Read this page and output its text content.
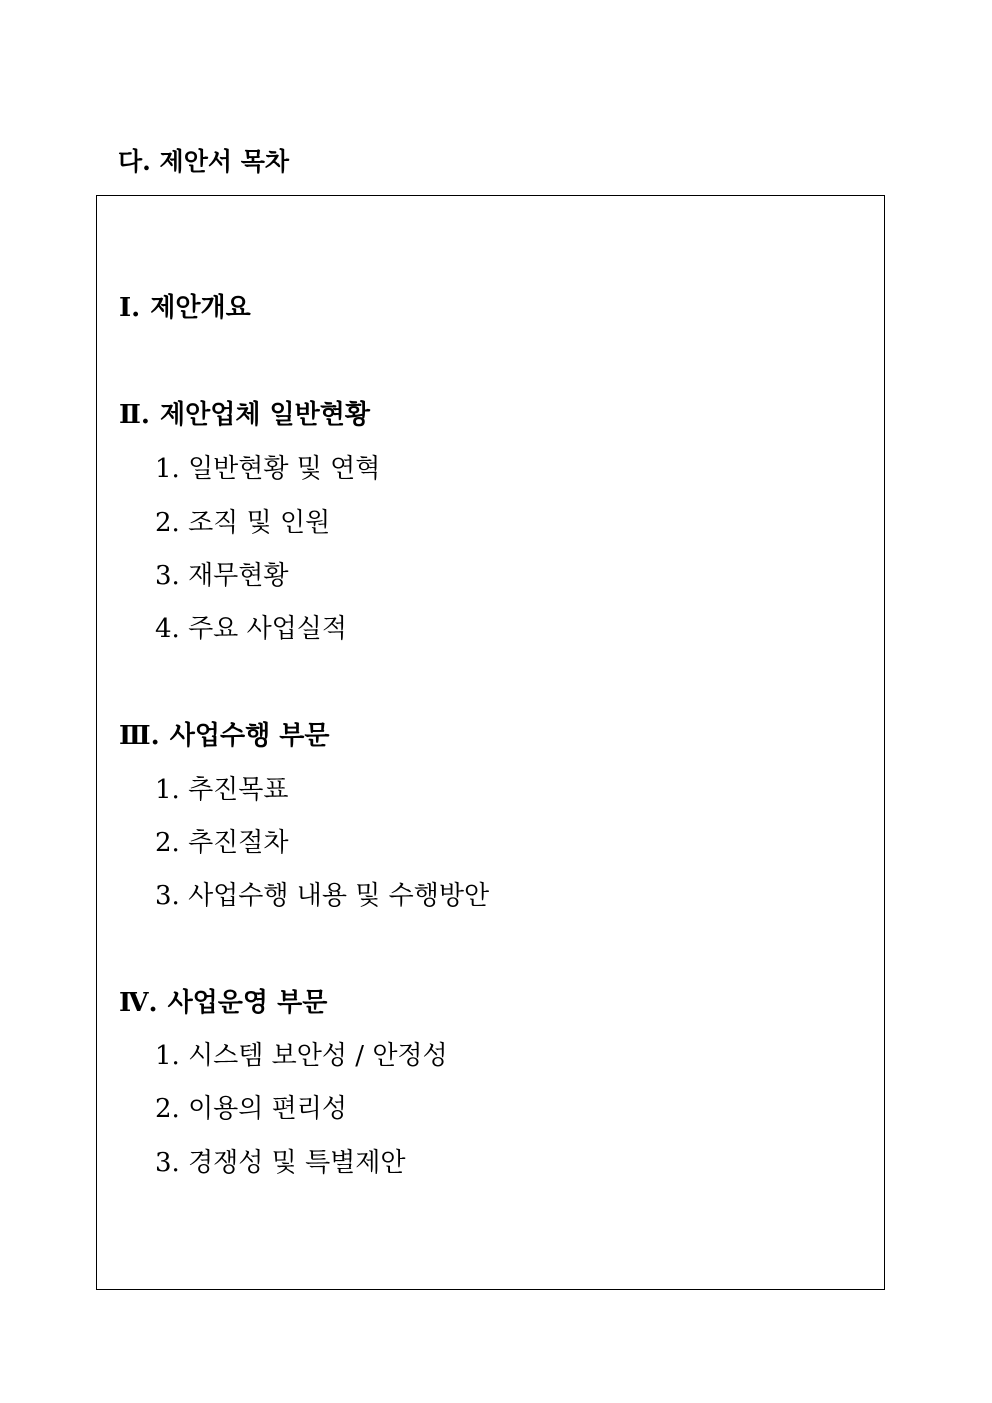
다. 제안서 목차
Ⅰ. 제안개요
Ⅱ. 제안업체 일반현황
1. 일반현황 및 연혁
2. 조직 및 인원
3. 재무현황
4. 주요 사업실적
Ⅲ. 사업수행 부문
1. 추진목표
2. 추진절차
3. 사업수행 내용 및 수행방안
Ⅳ. 사업운영 부문
1. 시스템 보안성 / 안정성
2. 이용의 편리성
3. 경쟁성 및 특별제안
